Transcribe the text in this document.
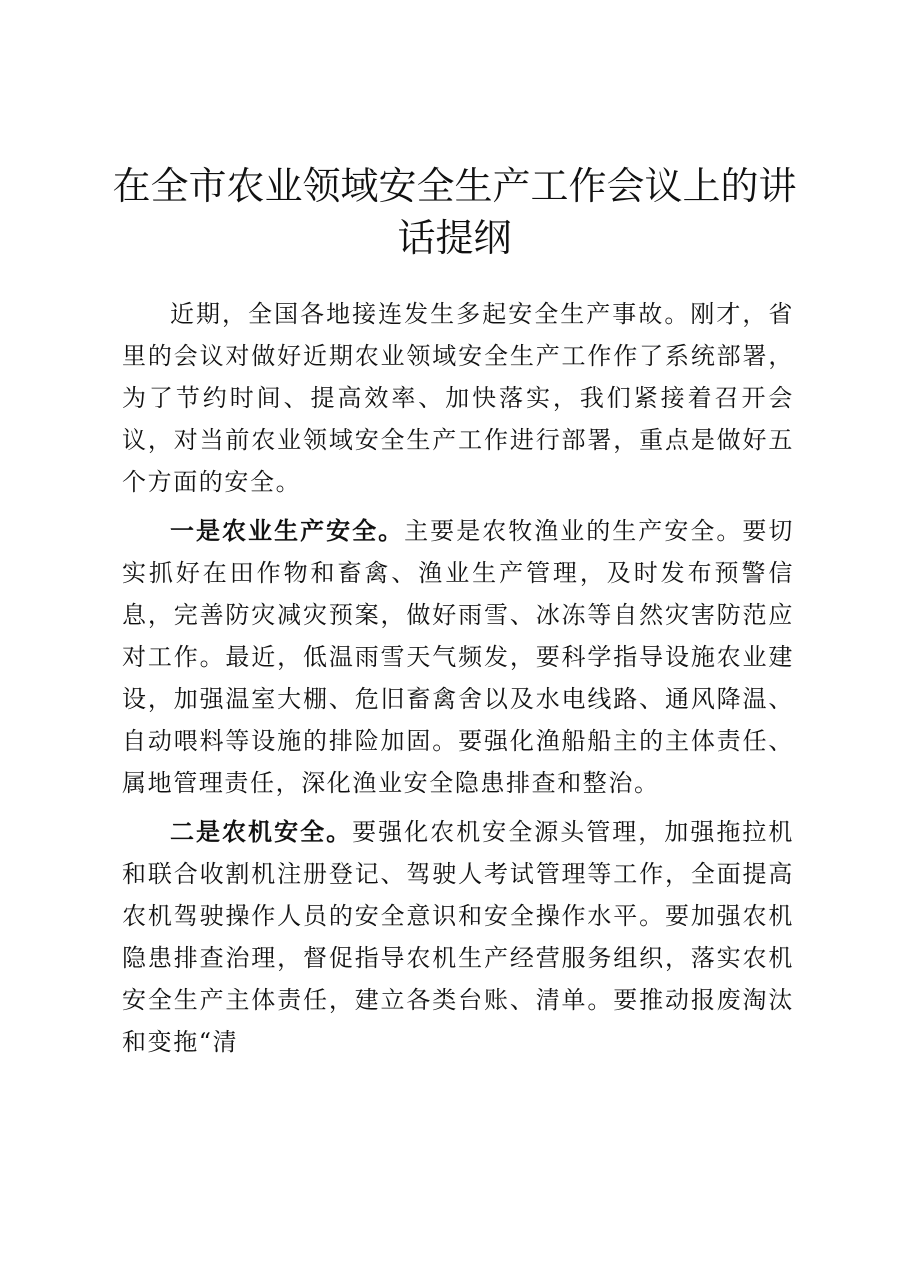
在全市农业领域安全生产工作会议上的讲话提纲

近期，全国各地接连发生多起安全生产事故。刚才，省里的会议对做好近期农业领域安全生产工作作了系统部署，为了节约时间、提高效率、加快落实，我们紧接着召开会议，对当前农业领域安全生产工作进行部署，重点是做好五个方面的安全。

一是农业生产安全。主要是农牧渔业的生产安全。要切实抓好在田作物和畜禽、渔业生产管理，及时发布预警信息，完善防灾减灾预案，做好雨雪、冰冻等自然灾害防范应对工作。最近，低温雨雪天气频发，要科学指导设施农业建设，加强温室大棚、危旧畜禽舍以及水电线路、通风降温、自动喂料等设施的排险加固。要强化渔船船主的主体责任、属地管理责任，深化渔业安全隐患排查和整治。

二是农机安全。要强化农机安全源头管理，加强拖拉机和联合收割机注册登记、驾驶人考试管理等工作，全面提高农机驾驶操作人员的安全意识和安全操作水平。要加强农机隐患排查治理，督促指导农机生产经营服务组织，落实农机安全生产主体责任，建立各类台账、清单。要推动报废淘汰和变拖“清
